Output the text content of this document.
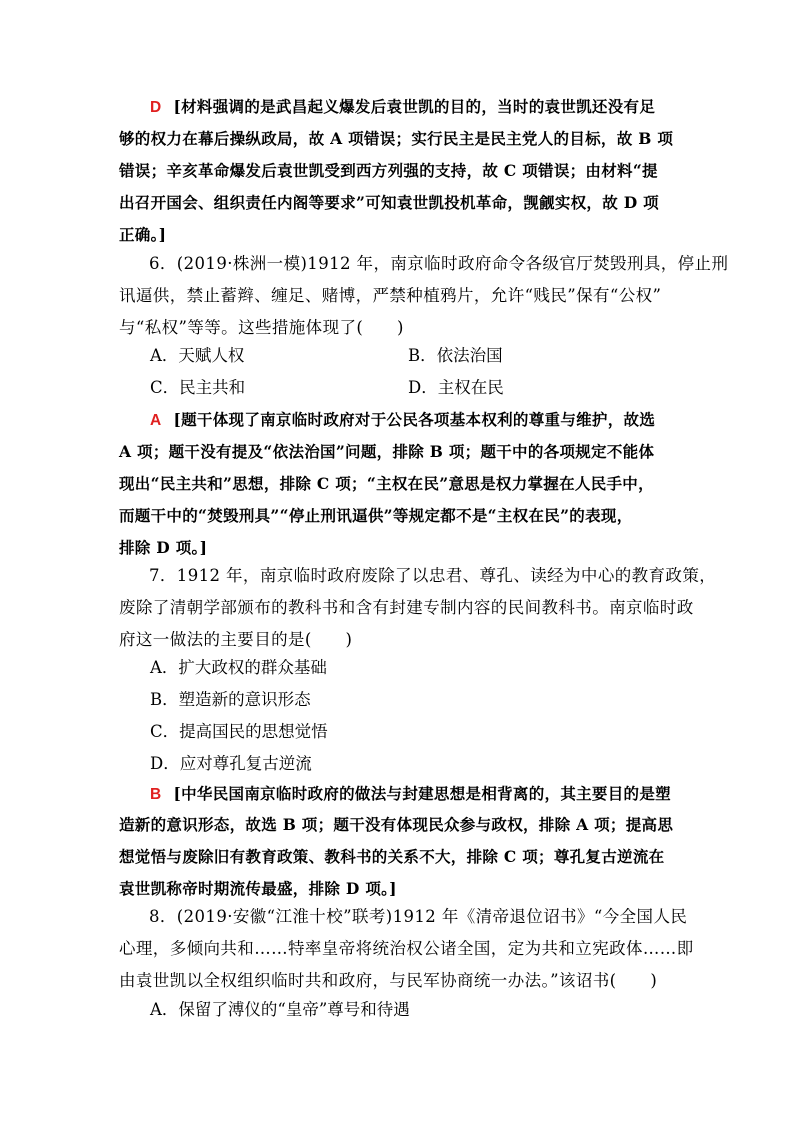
D [材料强调的是武昌起义爆发后袁世凯的目的，当时的袁世凯还没有足
够的权力在幕后操纵政局，故 A 项错误；实行民主是民主党人的目标，故 B 项
错误；辛亥革命爆发后袁世凯受到西方列强的支持，故 C 项错误；由材料“提
出召开国会、组织责任内阁等要求”可知袁世凯投机革命，觊觎实权，故 D 项
正确。]
6．(2019·株洲一模)1912 年，南京临时政府命令各级官厅焚毁刑具，停止刑
讯逼供，禁止蓄辫、缠足、赌博，严禁种植鸦片，允许“贱民”保有“公权”
与“私权”等等。这些措施体现了(　　)
A．天赋人权	B．依法治国
C．民主共和	D．主权在民
A [题干体现了南京临时政府对于公民各项基本权利的尊重与维护，故选
A 项；题干没有提及“依法治国”问题，排除 B 项；题干中的各项规定不能体
现出“民主共和”思想，排除 C 项；“主权在民”意思是权力掌握在人民手中，
而题干中的“焚毁刑具”“停止刑讯逼供”等规定都不是“主权在民”的表现，
排除 D 项。]
7．1912 年，南京临时政府废除了以忠君、尊孔、读经为中心的教育政策，
废除了清朝学部颁布的教科书和含有封建专制内容的民间教科书。南京临时政
府这一做法的主要目的是(　　)
A．扩大政权的群众基础
B．塑造新的意识形态
C．提高国民的思想觉悟
D．应对尊孔复古逆流
B [中华民国南京临时政府的做法与封建思想是相背离的，其主要目的是塑
造新的意识形态，故选 B 项；题干没有体现民众参与政权，排除 A 项；提高思
想觉悟与废除旧有教育政策、教科书的关系不大，排除 C 项；尊孔复古逆流在
袁世凯称帝时期流传最盛，排除 D 项。]
8．(2019·安徽“江淮十校”联考)1912 年《清帝退位诏书》“今全国人民
心理，多倾向共和……特率皇帝将统治权公诸全国，定为共和立宪政体……即
由袁世凯以全权组织临时共和政府，与民军协商统一办法。”该诏书(　　)
A．保留了溥仪的“皇帝”尊号和待遇
